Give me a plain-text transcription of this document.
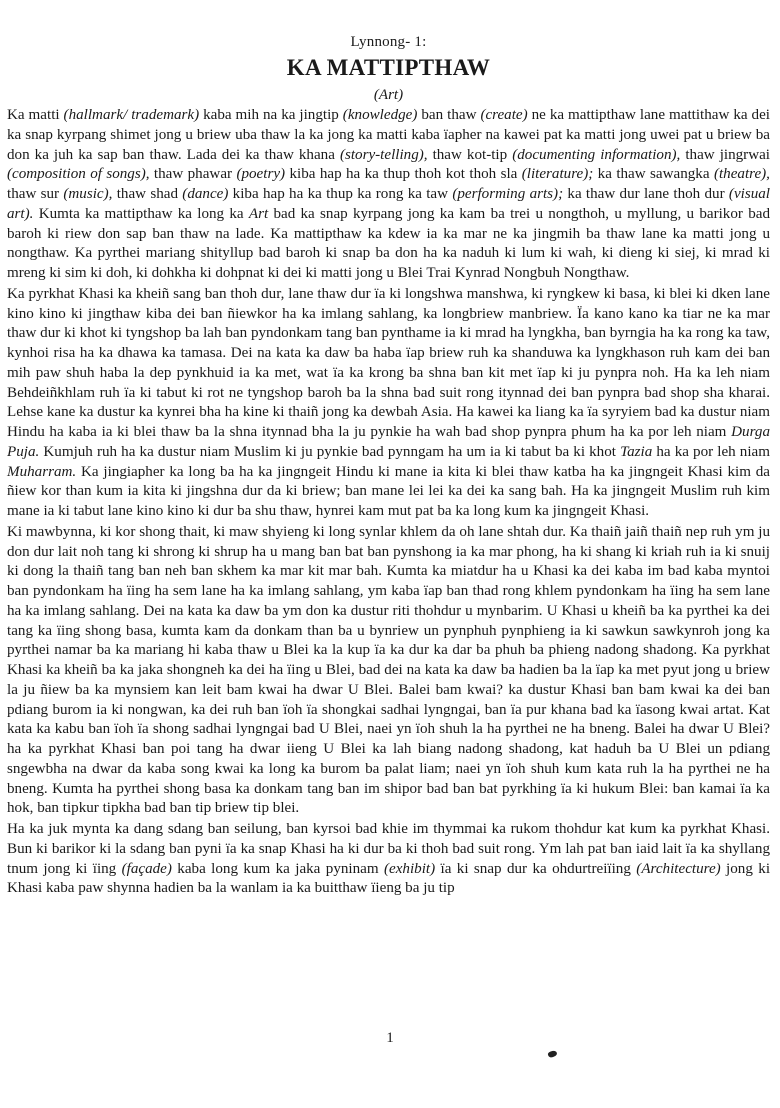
Lynnong- 1:
KA MATTIPTHAW
(Art)

Ka matti (hallmark/ trademark) kaba mih na ka jingtip (knowledge) ban thaw (create) ne ka mattipthaw lane mattithaw ka dei ka snap kyrpang shimet jong u briew uba thaw la ka jong ka matti kaba ïapher na kawei pat ka matti jong uwei pat u briew ba don ka juh ka sap ban thaw. Lada dei ka thaw khana (story-telling), thaw kot-tip (documenting information), thaw jingrwai (composition of songs), thaw phawar (poetry) kiba hap ha ka thup thoh kot thoh sla (literature); ka thaw sawangka (theatre), thaw sur (music), thaw shad (dance) kiba hap ha ka thup ka rong ka taw (performing arts); ka thaw dur lane thoh dur (visual art). Kumta ka mattipthaw ka long ka Art bad ka snap kyrpang jong ka kam ba trei u nongthoh, u myllung, u barikor bad baroh ki riew don sap ban thaw na lade. Ka mattipthaw ka kdew ia ka mar ne ka jingmih ba thaw lane ka matti jong u nongthaw. Ka pyrthei mariang shityllup bad baroh ki snap ba don ha ka naduh ki lum ki wah, ki dieng ki siej, ki mrad ki mreng ki sim ki doh, ki dohkha ki dohpnat ki dei ki matti jong u Blei Trai Kynrad Nongbuh Nongthaw.

Ka pyrkhat Khasi ka kheiñ sang ban thoh dur, lane thaw dur ïa ki longshwa manshwa, ki ryngkew ki basa, ki blei ki dken lane kino kino ki jingthaw kiba dei ban ñiewkor ha ka imlang sahlang, ka longbriew manbriew. Ïa kano kano ka tiar ne ka mar thaw dur ki khot ki tyngshop ba lah ban pyndonkam tang ban pynthame ia ki mrad ha lyngkha, ban byrngia ha ka rong ka taw, kynhoi risa ha ka dhawa ka tamasa. Dei na kata ka daw ba haba ïap briew ruh ka shanduwa ka lyngkhason ruh kam dei ban mih paw shuh haba la dep pynkhuid ia ka met, wat ïa ka krong ba shna ban kit met ïap ki ju pynpra noh. Ha ka leh niam Behdeiñkhlam ruh ïa ki tabut ki rot ne tyngshop baroh ba la shna bad suit rong itynnad dei ban pynpra bad shop sha kharai. Lehse kane ka dustur ka kynrei bha ha kine ki thaiñ jong ka dewbah Asia. Ha kawei ka liang ka ïa syryiem bad ka dustur niam Hindu ha kaba ia ki blei thaw ba la shna itynnad bha la ju pynkie ha wah bad shop pynpra phum ha ka por leh niam Durga Puja. Kumjuh ruh ha ka dustur niam Muslim ki ju pynkie bad pynngam ha um ia ki tabut ba ki khot Tazia ha ka por leh niam Muharram. Ka jingiapher ka long ba ha ka jingngeit Hindu ki mane ia kita ki blei thaw katba ha ka jingngeit Khasi kim da ñiew kor than kum ia kita ki jingshna dur da ki briew; ban mane lei lei ka dei ka sang bah. Ha ka jingngeit Muslim ruh kim mane ia ki tabut lane kino kino ki dur ba shu thaw, hynrei kam mut pat ba ka long kum ka jingngeit Khasi.

Ki mawbynna, ki kor shong thait, ki maw shyieng ki long synlar khlem da oh lane shtah dur. Ka thaiñ jaiñ thaiñ nep ruh ym ju don dur lait noh tang ki shrong ki shrup ha u mang ban bat ban pynshong ia ka mar phong, ha ki shang ki kriah ruh ia ki snuij ki dong la thaiñ tang ban neh ban skhem ka mar kit mar bah. Kumta ka miatdur ha u Khasi ka dei kaba im bad kaba myntoi ban pyndonkam ha ïing ha sem lane ha ka imlang sahlang, ym kaba ïap ban thad rong khlem pyndonkam ha ïing ha sem lane ha ka imlang sahlang. Dei na kata ka daw ba ym don ka dustur riti thohdur u mynbarim. U Khasi u kheiñ ba ka pyrthei ka dei tang ka ïing shong basa, kumta kam da donkam than ba u bynriew un pynphuh pynphieng ia ki sawkun sawkynroh jong ka pyrthei namar ba ka mariang hi kaba thaw u Blei ka la kup ïa ka dur ka dar ba phuh ba phieng nadong shadong. Ka pyrkhat Khasi ka kheiñ ba ka jaka shongneh ka dei ha ïing u Blei, bad dei na kata ka daw ba hadien ba la ïap ka met pyut jong u briew la ju ñiew ba ka mynsiem kan leit bam kwai ha dwar U Blei. Balei bam kwai? ka dustur Khasi ban bam kwai ka dei ban pdiang burom ia ki nongwan, ka dei ruh ban ïoh ïa shongkai sadhai lyngngai, ban ïa pur khana bad ka ïasong kwai artat. Kat kata ka kabu ban ïoh ïa shong sadhai lyngngai bad U Blei, naei yn ïoh shuh la ha pyrthei ne ha bneng. Balei ha dwar U Blei? ha ka pyrkhat Khasi ban poi tang ha dwar iieng U Blei ka lah biang nadong shadong, kat haduh ba U Blei un pdiang sngewbha na dwar da kaba song kwai ka long ka burom ba palat liam; naei yn ïoh shuh kum kata ruh la ha pyrthei ne ha bneng. Kumta ha pyrthei shong basa ka donkam tang ban im shipor bad ban bat pyrkhing ïa ki hukum Blei: ban kamai ïa ka hok, ban tipkur tipkha bad ban tip briew tip blei.

Ha ka juk mynta ka dang sdang ban seilung, ban kyrsoi bad khie im thymmai ka rukom thohdur kat kum ka pyrkhat Khasi. Bun ki barikor ki la sdang ban pyni ïa ka snap Khasi ha ki dur ba ki thoh bad suit rong. Ym lah pat ban iaid lait ïa ka shyllang tnum jong ki ïing (façade) kaba long kum ka jaka pyninam (exhibit) ïa ki snap dur ka ohdurtreiïing (Architecture) jong ki Khasi kaba paw shynna hadien ba la wanlam ia ka buitthaw ïieng ba ju tip

1
